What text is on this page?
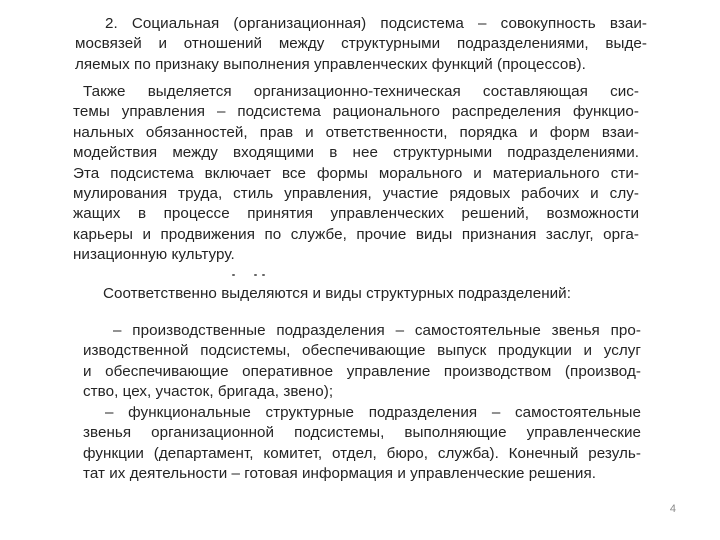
2. Социальная (организационная) подсистема – совокупность взаи-
мосвязей и отношений между структурными подразделениями, выде-
ляемых по признаку выполнения управленческих функций (процессов).
Также выделяется организационно-техническая составляющая сис-
темы управления – подсистема рационального распределения функцио-
нальных обязанностей, прав и ответственности, порядка и форм взаи-
модействия между входящими в нее структурными подразделениями.
Эта подсистема включает все формы морального и материального сти-
мулирования труда, стиль управления, участие рядовых рабочих и слу-
жащих в процессе принятия управленческих решений, возможности
карьеры и продвижения по службе, прочие виды признания заслуг, орга-
низационную культуру.
Соответственно выделяются и виды структурных подразделений:
– производственные подразделения – самостоятельные звенья про-
изводственной подсистемы, обеспечивающие выпуск продукции и услуг
и обеспечивающие оперативное управление производством (производ-
ство, цех, участок, бригада, звено);
– функциональные структурные подразделения – самостоятельные
звенья организационной подсистемы, выполняющие управленческие
функции (департамент, комитет, отдел, бюро, служба). Конечный резуль-
тат их деятельности – готовая информация и управленческие решения.
4
